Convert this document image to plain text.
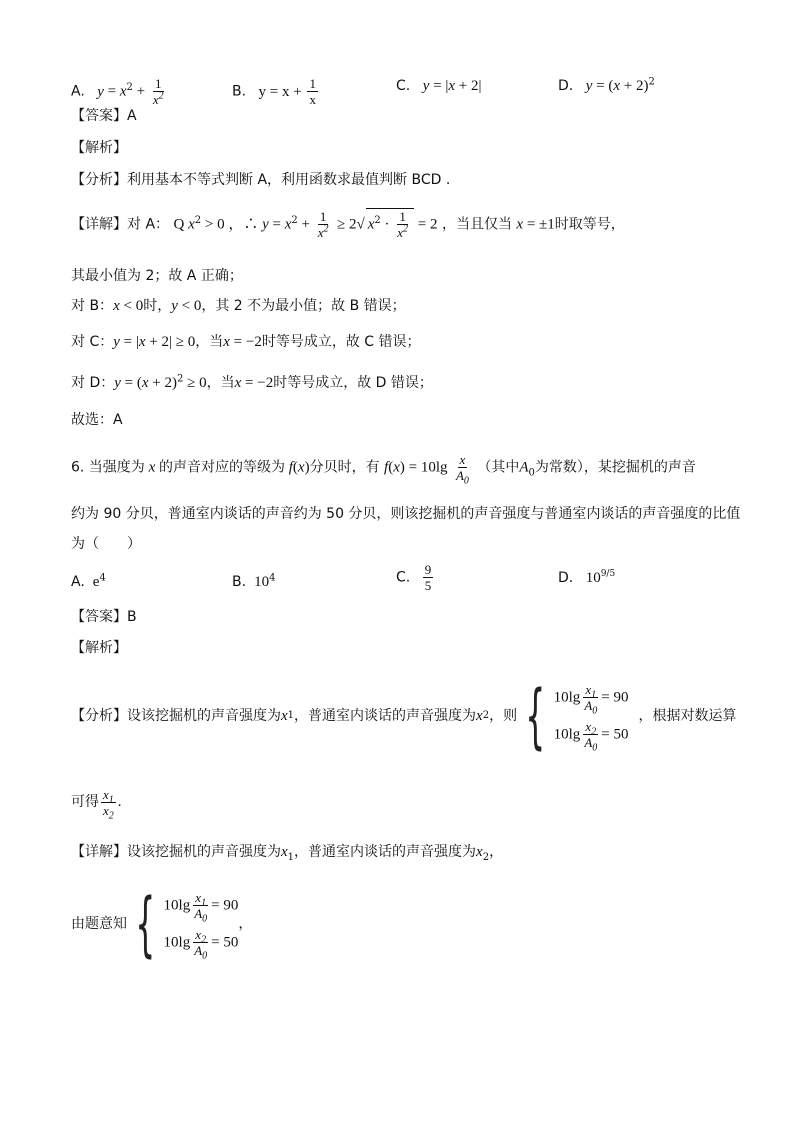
A. $y = x^2 + \frac{1}{x^2}$	B. $y = x + \frac{1}{x}$	C. y = |x + 2|	D. $y = (x + 2)^2$
【答案】A
【解析】
【分析】利用基本不等式判断 A，利用函数求最值判断 BCD .
【详解】对 A： Q $x^2 > 0$ ，∴ $y = x^2 + \frac{1}{x^2} \ge 2√$ $x^2 \cdot \frac{1}{x^2} = 2$ ，当且仅当 x = ±1时取等号，
其最小值为 2；故 A 正确；
对 B：x < 0时，y < 0，其 2 不为最小值；故 B 错误；
对 C：y = |x + 2| ≥ 0，当x = −2时等号成立，故 C 错误；
对 D：$y = (x + 2)^2 \ge 0$，当x = −2时等号成立，故 D 错误；
故选：A
6. 当强度为 x 的声音对应的等级为 f(x)分贝时，有 $f(x) = 10\lg \frac{x}{A_0}$ （其中$A_0$为常数），某挖掘机的声音
约为 90 分贝，普通室内谈话的声音约为 50 分贝，则该挖掘机的声音强度与普通室内谈话的声音强度的比值
为（　　）
A. $e^4$	B. $10^4$	C. $\frac{9}{5}$	D. $10^{9/5}$
【答案】B
【解析】
【分析】设该挖掘机的声音强度为 x 1 ，普通室内谈话的声音强度为 x 2 ，则 { $10\lg \frac{x_1}{A_0} = 90$
$10\lg \frac{x_2}{A_0} = 50$
，根据对数运算
可得 $\frac{x_1}{x_2}$ .
【详解】设该挖掘机的声音强度为$x_1$，普通室内谈话的声音强度为$x_2$，
由题意知 { $10\lg \frac{x_1}{A_0} = 90$
$10\lg \frac{x_2}{A_0} = 50$
，
